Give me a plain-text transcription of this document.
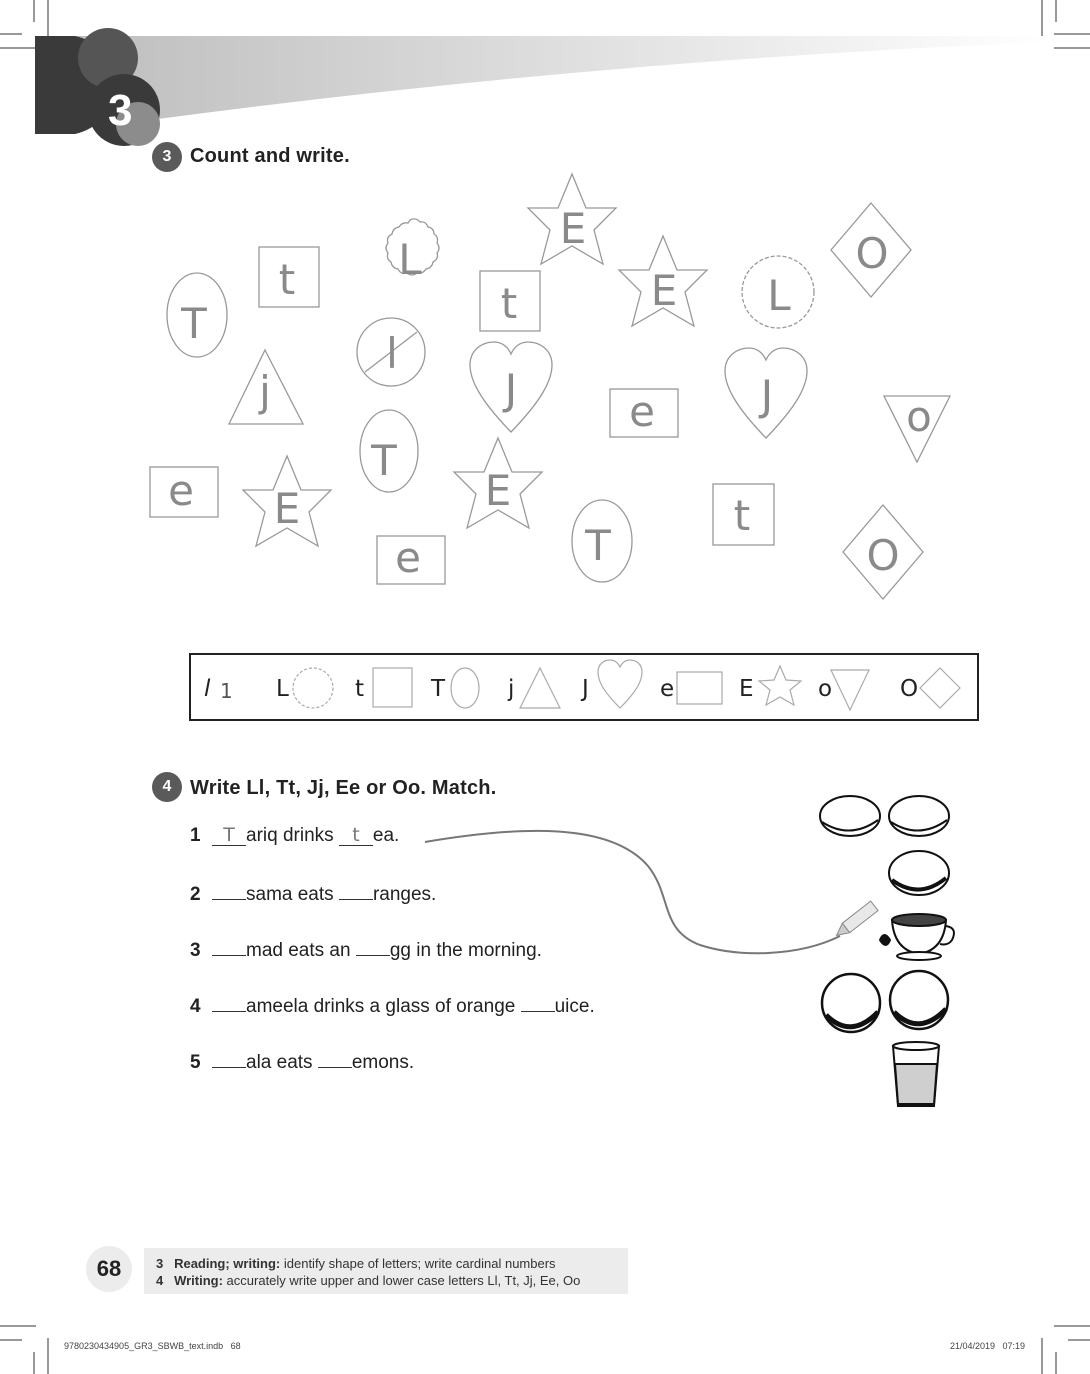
3
3 Count and write.
T
t L
E
t	E L
O
l
j	J	e	J	o
T
e E	E
e	T
t
O
l 1 L	t	T	j	J	e	E	o	O
4 Write Ll, Tt, Jj, Ee or Oo. Match.
1 T ariq drinks t ea.
2 sama eats ranges.
3 mad eats an gg in the morning.
4 ameela drinks a glass of orange uice.
5 ala eats emons.
68	3 Reading; writing: identify shape of letters; write cardinal numbers
4 Writing: accurately write upper and lower case letters Ll, Tt, Jj, Ee, Oo
9780230434905_GR3_SBWB_text.indb   68	21/04/2019   07:19
